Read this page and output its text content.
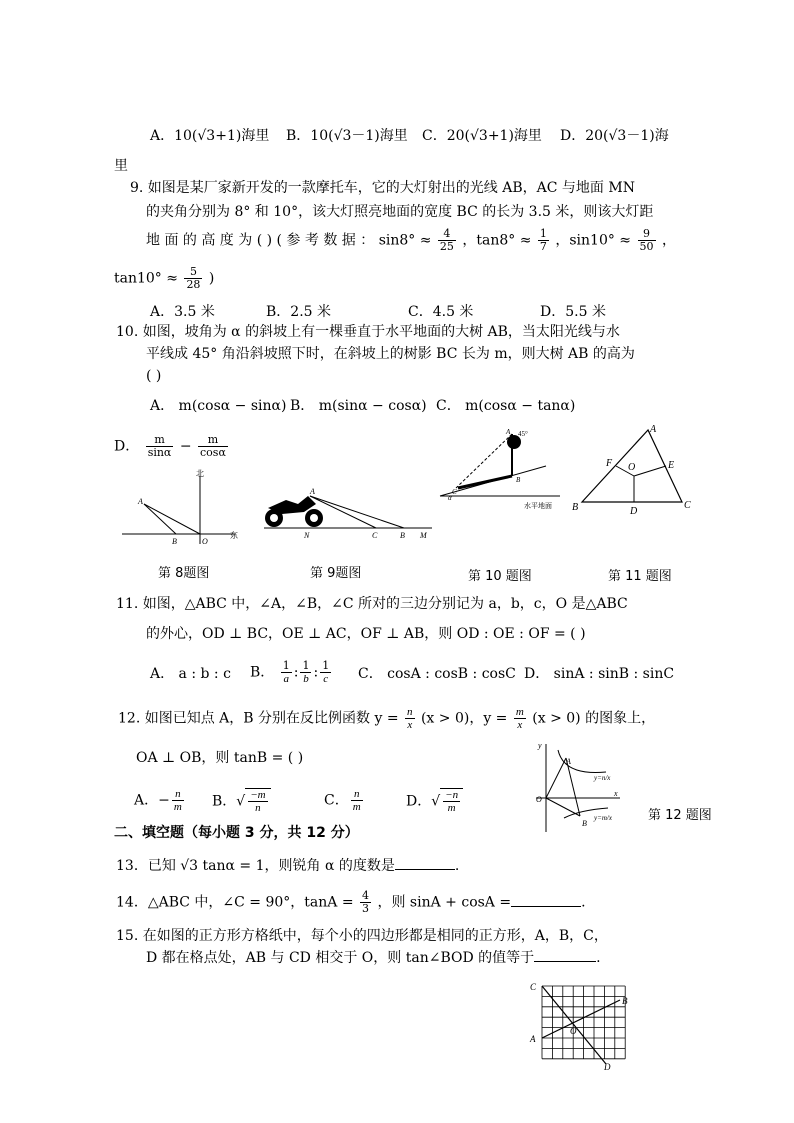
A．10(√3+1)海里 B．10(√3－1)海里 C．20(√3+1)海里 D．20(√3－1)海
里
9. 如图是某厂家新开发的一款摩托车，它的大灯射出的光线 AB，AC 与地面 MN
的夹角分别为 8° 和 10°，该大灯照亮地面的宽度 BC 的长为 3.5 米，则该大灯距
地 面 的 高 度 为 ( ) ( 参 考 数 据 ： $\sin 8^\circ \approx \frac{4}{25}$ ，$\tan 8^\circ \approx \frac{1}{7}$ ，$\sin 10^\circ \approx \frac{9}{50}$ ，
$\tan 10^\circ \approx \frac{5}{28}$ )
A．3.5 米	B．2.5 米	C．4.5 米	D．5.5 米
10. 如图，坡角为 α 的斜坡上有一棵垂直于水平地面的大树 AB，当太阳光线与水
平线成 45° 角沿斜坡照下时，在斜坡上的树影 BC 长为 m，则大树 AB 的高为
( )
A． m(cosα − sinα) B． m(sinα − cosα) C． m(cosα − tanα)
D． $\frac{m}{\sin\alpha} - \frac{m}{\cos\alpha}$
A
B	O
北
东
第 8题图
A
N	C	B M
第 9题图
A 45°
B
C
α
水平地面
第 10 题图
A
B	C
O
D
E
F
第 11 题图
11. 如图，△ABC 中，∠A，∠B，∠C 所对的三边分别记为 a，b，c，O 是△ABC
的外心，OD ⊥ BC，OE ⊥ AC，OF ⊥ AB，则 OD : OE : OF = ( )
A． a : b : c B． $\frac{1}{a}$ : $\frac{1}{b}$ : $\frac{1}{c}$ C． cosA : cosB : cosC D． sinA : sinB : sinC
12. 如图已知点 A，B 分别在反比例函数 $y = \frac{n}{x} (x > 0)$，$y = \frac{m}{x} (x > 0)$ 的图象上，
OA ⊥ OB，则 tanB = ( )
A．− $\frac{n}{m}$ B．√ $\frac{-m}{n}$	C． $\frac{n}{m}$	D．√ $\frac{-n}{m}$
y
x
O
A
B
y=n/x
y=m/x	第 12 题图
二、填空题（每小题 3 分，共 12 分）
13．已知 √3 tanα = 1，则锐角 α 的度数是	.
14．△ABC 中，∠C = 90°，$\tan A = \frac{4}{3}$ ，则 sinA + cosA =	.
15. 在如图的正方形方格纸中，每个小的四边形都是相同的正方形，A，B，C，
D 都在格点处，AB 与 CD 相交于 O，则 tan∠BOD 的值等于	.
A
B
C
D
O
